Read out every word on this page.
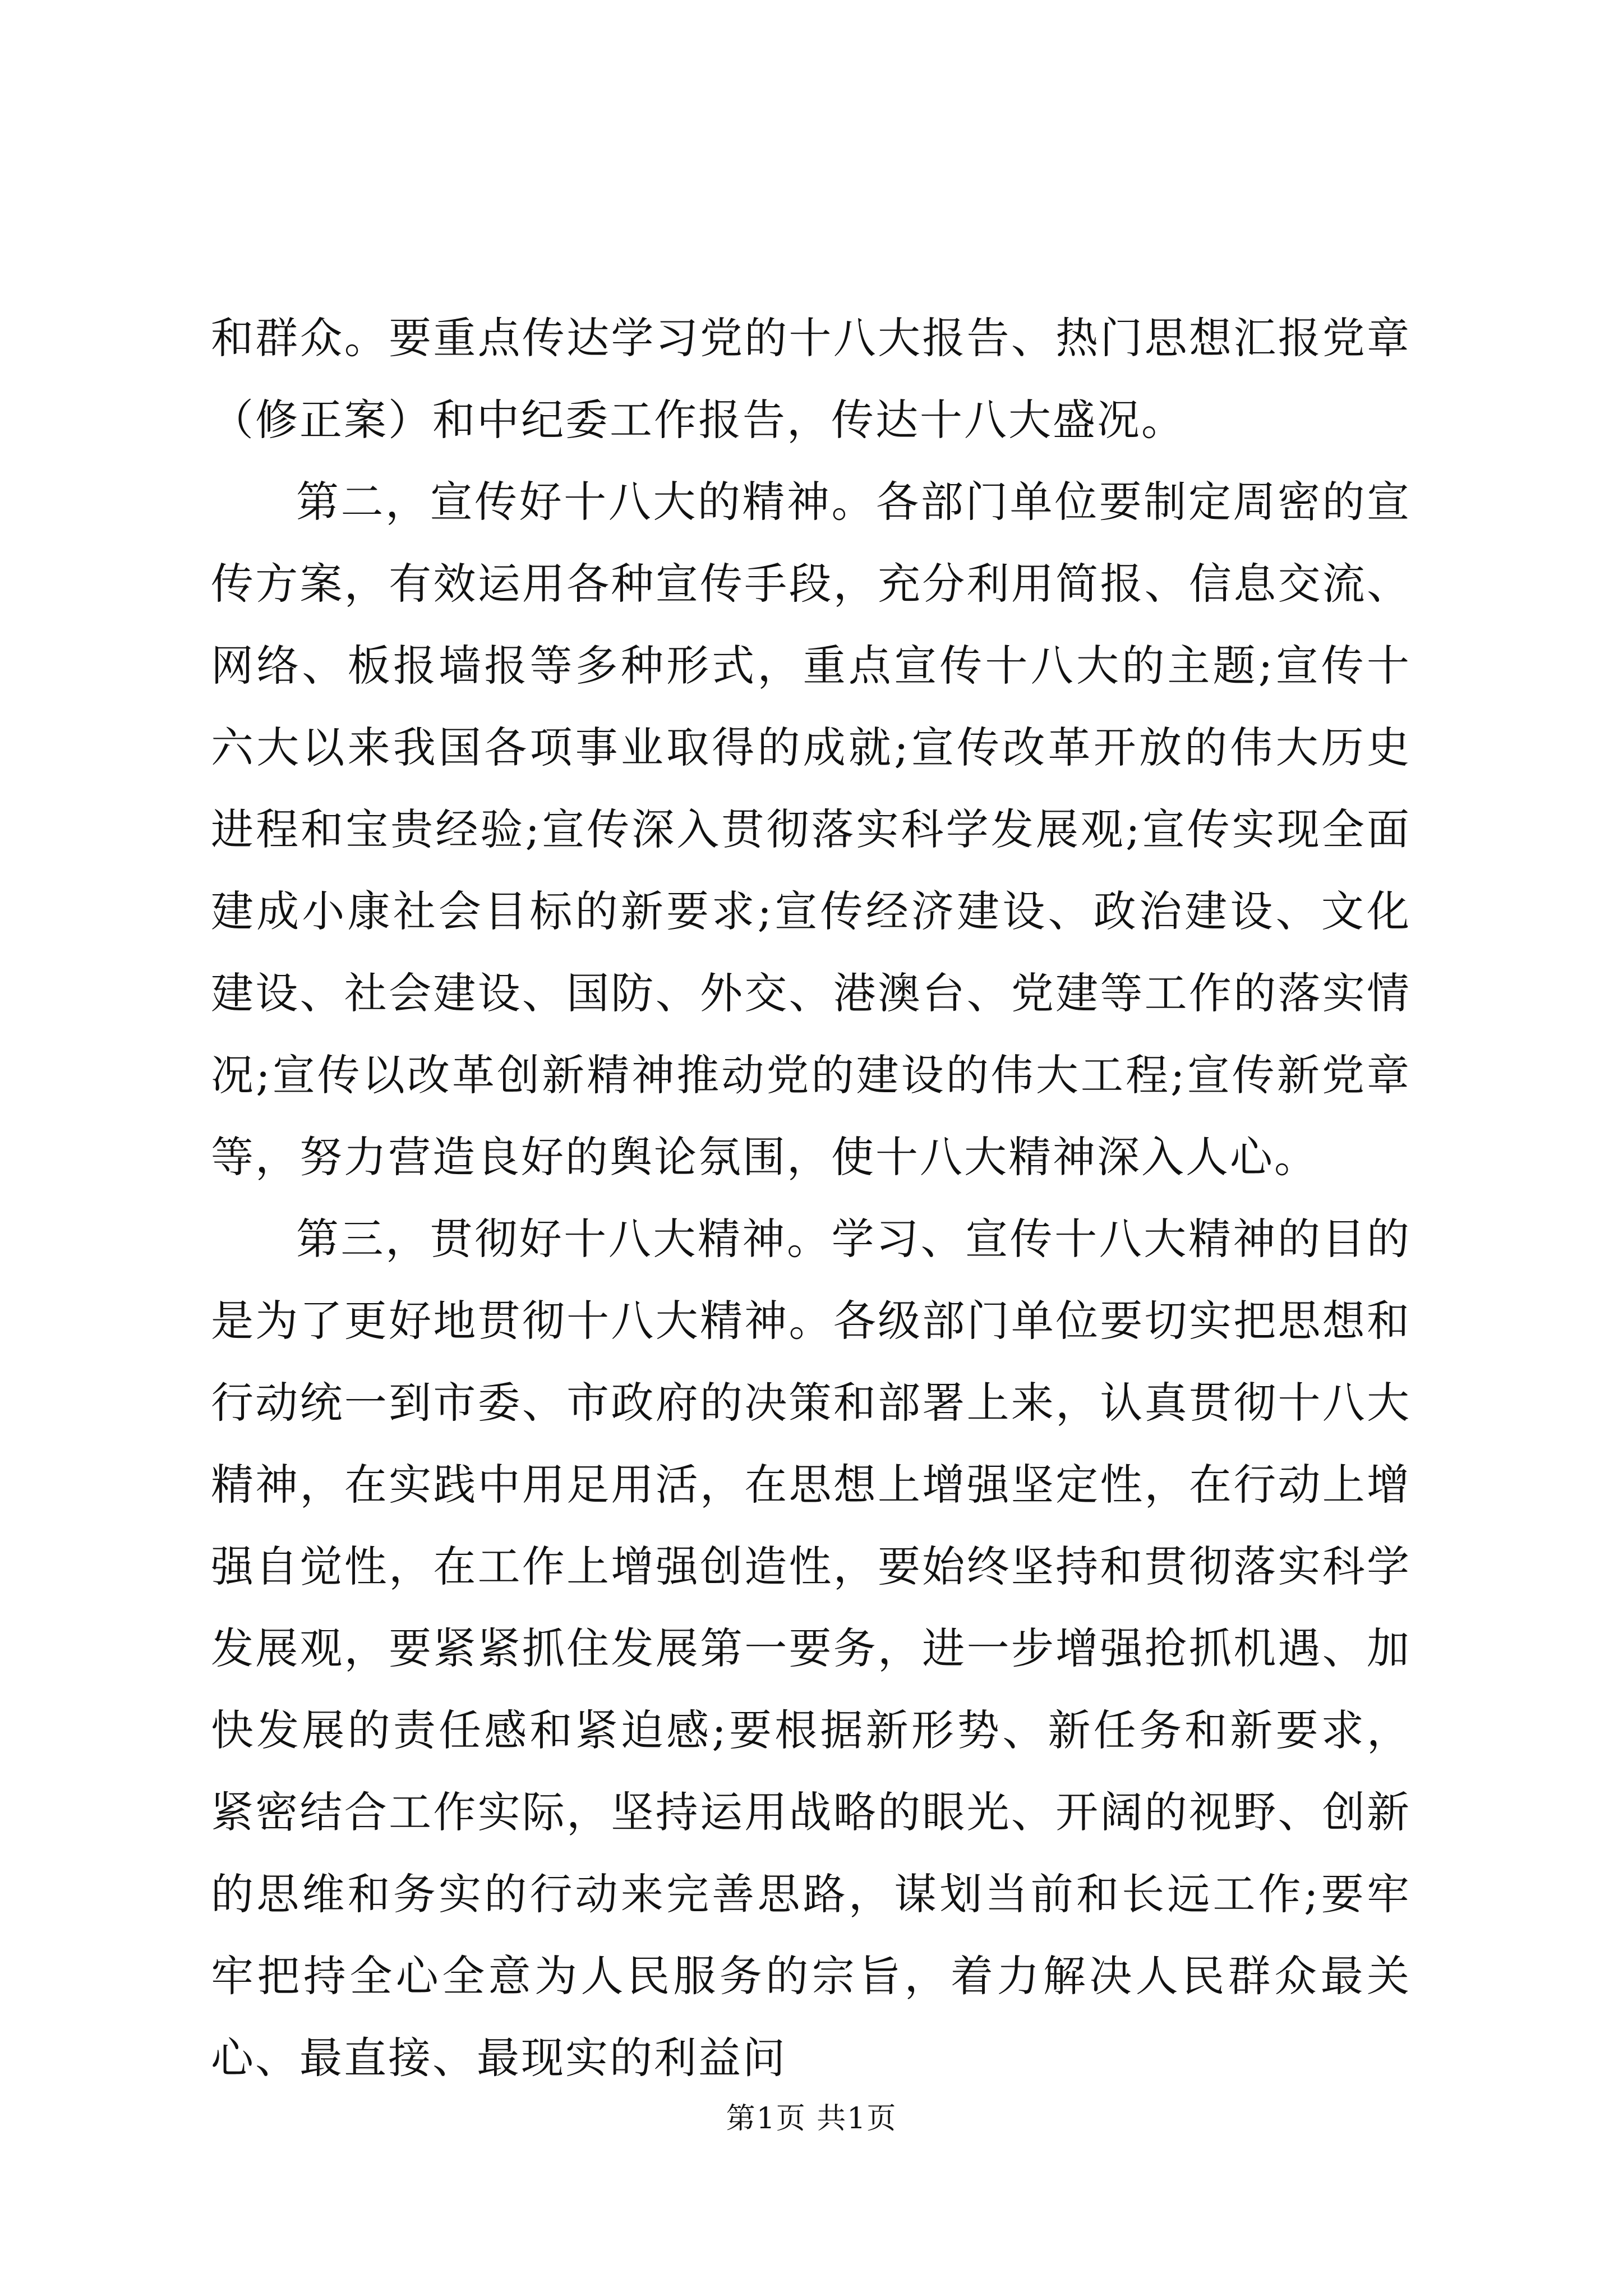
和群众。要重点传达学习党的十八大报告、热门思想汇报党章（修正案）和中纪委工作报告，传达十八大盛况。

第二，宣传好十八大的精神。各部门单位要制定周密的宣传方案，有效运用各种宣传手段，充分利用简报、信息交流、网络、板报墙报等多种形式，重点宣传十八大的主题;宣传十六大以来我国各项事业取得的成就;宣传改革开放的伟大历史进程和宝贵经验;宣传深入贯彻落实科学发展观;宣传实现全面建成小康社会目标的新要求;宣传经济建设、政治建设、文化建设、社会建设、国防、外交、港澳台、党建等工作的落实情况;宣传以改革创新精神推动党的建设的伟大工程;宣传新党章等，努力营造良好的舆论氛围，使十八大精神深入人心。

第三，贯彻好十八大精神。学习、宣传十八大精神的目的是为了更好地贯彻十八大精神。各级部门单位要切实把思想和行动统一到市委、市政府的决策和部署上来，认真贯彻十八大精神，在实践中用足用活，在思想上增强坚定性，在行动上增强自觉性，在工作上增强创造性，要始终坚持和贯彻落实科学发展观，要紧紧抓住发展第一要务，进一步增强抢抓机遇、加快发展的责任感和紧迫感;要根据新形势、新任务和新要求，紧密结合工作实际，坚持运用战略的眼光、开阔的视野、创新的思维和务实的行动来完善思路，谋划当前和长远工作;要牢牢把持全心全意为人民服务的宗旨，着力解决人民群众最关心、最直接、最现实的利益问

第1页 共1页
